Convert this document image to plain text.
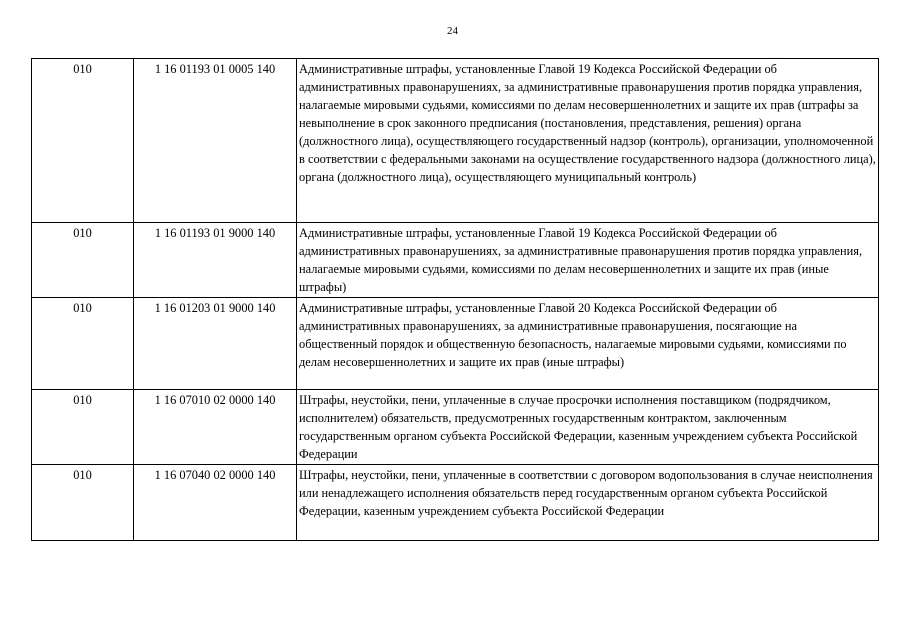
24
010	1 16 01193 01 0005 140	Административные штрафы, установленные Главой 19 Кодекса Российской Федерации об административных правонарушениях, за административные правонарушения против порядка управления, налагаемые мировыми судьями, комиссиями по делам несовершеннолетних и защите их прав (штрафы за невыполнение в срок законного предписания (постановления, представления, решения) органа (должностного лица), осуществляющего государственный надзор (контроль), организации, уполномоченной в соответствии с федеральными законами на осуществление государственного надзора (должностного лица), органа (должностного лица), осуществляющего муниципальный контроль)
010	1 16 01193 01 9000 140	Административные штрафы, установленные Главой 19 Кодекса Российской Федерации об административных правонарушениях, за административные правонарушения против порядка управления, налагаемые мировыми судьями, комиссиями по делам несовершеннолетних и защите их прав (иные штрафы)
010	1 16 01203 01 9000 140	Административные штрафы, установленные Главой 20 Кодекса Российской Федерации об административных правонарушениях, за административные правонарушения, посягающие на общественный порядок и общественную безопасность, налагаемые мировыми судьями, комиссиями по делам несовершеннолетних и защите их прав (иные штрафы)
010	1 16 07010 02 0000 140	Штрафы, неустойки, пени, уплаченные в случае просрочки исполнения поставщиком (подрядчиком, исполнителем) обязательств, предусмотренных государственным контрактом, заключенным государственным органом субъекта Российской Федерации, казенным учреждением субъекта Российской Федерации
010	1 16 07040 02 0000 140	Штрафы, неустойки, пени, уплаченные в соответствии с договором водопользования в случае неисполнения или ненадлежащего исполнения обязательств перед государственным органом субъекта Российской Федерации, казенным учреждением субъекта Российской Федерации
